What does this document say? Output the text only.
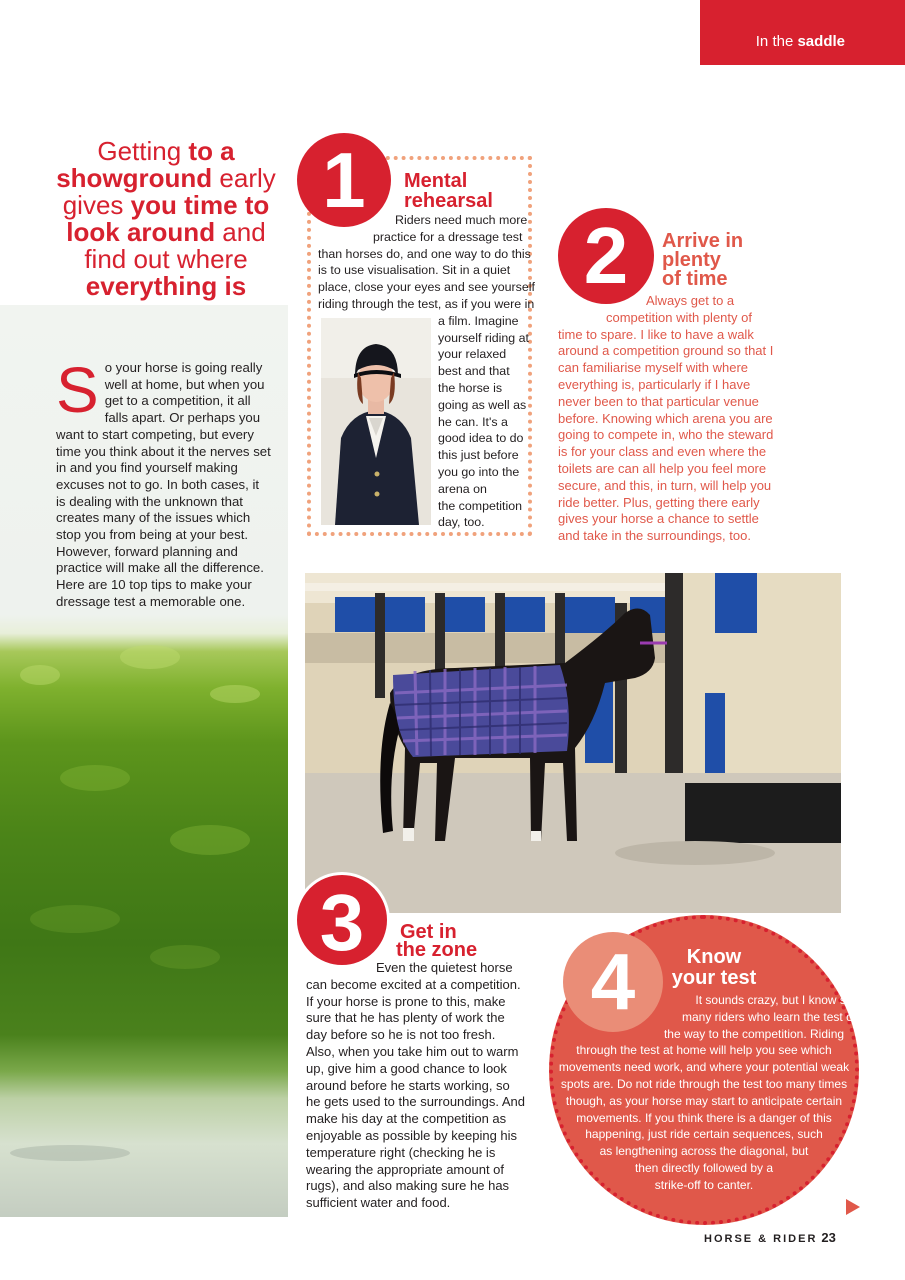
In the saddle
Getting to a showground early gives you time to look around and find out where
everything is
So your horse is going really well at home, but when you get to a competition, it all falls apart. Or perhaps you want to start competing, but every time you think about it the nerves set in and you find yourself making excuses not to go. In both cases, it is dealing with the unknown that creates many of the issues which stop you from being at your best. However, forward planning and practice will make all the difference. Here are 10 top tips to make your dressage test a memorable one.
1	Mental
rehearsal
Riders need much more
practice for a dressage test
than horses do, and one way to do this
is to use visualisation. Sit in a quiet
place, close your eyes and see yourself
riding through the test, as if you were in
a film. Imagine
yourself riding at
your relaxed
best and that
the horse is
going as well as
he can. It's a
good idea to do
this just before
you go into the
arena on
the competition
day, too.
2	Arrive in
plenty
of time
Always get to a
competition with plenty of
time to spare. I like to have a walk
around a competition ground so that I
can familiarise myself with where
everything is, particularly if I have
never been to that particular venue
before. Knowing which arena you are
going to compete in, who the steward
is for your class and even where the
toilets are can all help you feel more
secure, and this, in turn, will help you
ride better. Plus, getting there early
gives your horse a chance to settle
and take in the surroundings, too.
3	Get in
the zone
Even the quietest horse
can become excited at a competition.
If your horse is prone to this, make
sure that he has plenty of work the
day before so he is not too fresh.
Also, when you take him out to warm
up, give him a good chance to look
around before he starts working, so
he gets used to the surroundings. And
make his day at the competition as
enjoyable as possible by keeping his
temperature right (checking he is
wearing the appropriate amount of
rugs), and also making sure he has
sufficient water and food.
4	Know
your test
It sounds crazy, but I know so
many riders who learn the test on
the way to the competition. Riding
through the test at home will help you see which
movements need work, and where your potential weak
spots are. Do not ride through the test too many times
though, as your horse may start to anticipate certain
movements. If you think there is a danger of this
happening, just ride certain sequences, such
as lengthening across the diagonal, but
then directly followed by a
strike-off to canter.
HORSE & RIDER 23
